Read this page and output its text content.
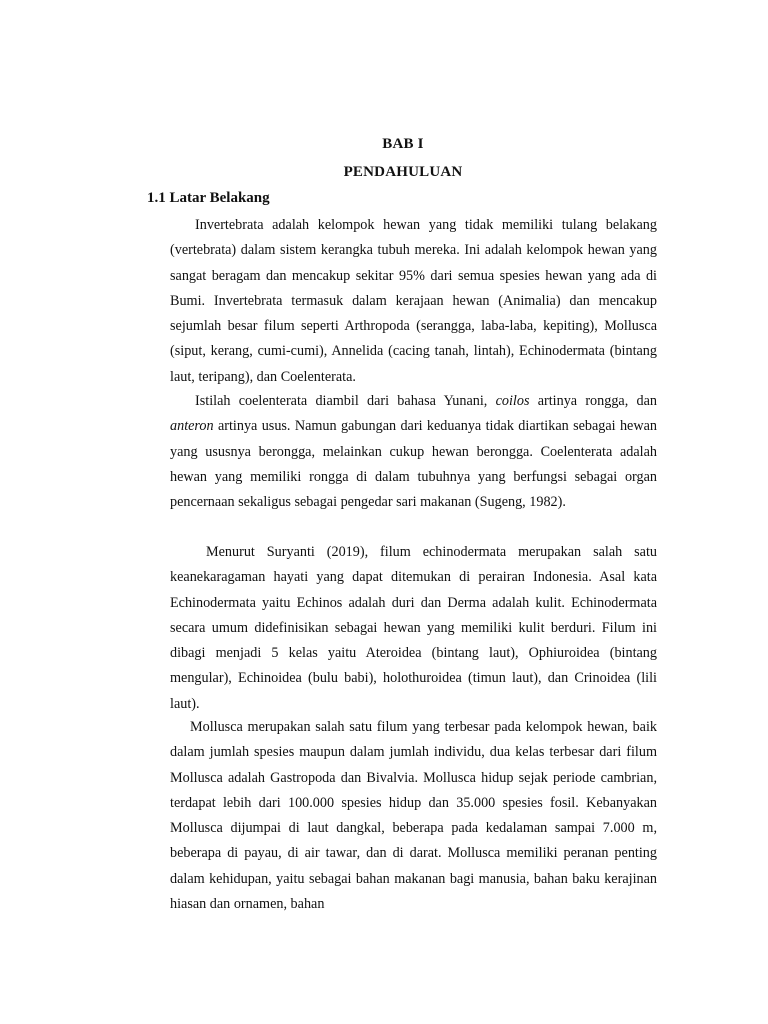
BAB I
PENDAHULUAN
1.1 Latar Belakang

Invertebrata adalah kelompok hewan yang tidak memiliki tulang belakang (vertebrata) dalam sistem kerangka tubuh mereka. Ini adalah kelompok hewan yang sangat beragam dan mencakup sekitar 95% dari semua spesies hewan yang ada di Bumi. Invertebrata termasuk dalam kerajaan hewan (Animalia) dan mencakup sejumlah besar filum seperti Arthropoda (serangga, laba-laba, kepiting), Mollusca (siput, kerang, cumi-cumi), Annelida (cacing tanah, lintah), Echinodermata (bintang laut, teripang), dan Coelenterata.

Istilah coelenterata diambil dari bahasa Yunani, coilos artinya rongga, dan anteron artinya usus. Namun gabungan dari keduanya tidak diartikan sebagai hewan yang ususnya berongga, melainkan cukup hewan berongga. Coelenterata adalah hewan yang memiliki rongga di dalam tubuhnya yang berfungsi sebagai organ pencernaan sekaligus sebagai pengedar sari makanan (Sugeng, 1982).

Menurut Suryanti (2019), filum echinodermata merupakan salah satu keanekaragaman hayati yang dapat ditemukan di perairan Indonesia. Asal kata Echinodermata yaitu Echinos adalah duri dan Derma adalah kulit. Echinodermata secara umum didefinisikan sebagai hewan yang memiliki kulit berduri. Filum ini dibagi menjadi 5 kelas yaitu Ateroidea (bintang laut), Ophiuroidea (bintang mengular), Echinoidea (bulu babi), holothuroidea (timun laut), dan Crinoidea (lili laut).

Mollusca merupakan salah satu filum yang terbesar pada kelompok hewan, baik dalam jumlah spesies maupun dalam jumlah individu, dua kelas terbesar dari filum Mollusca adalah Gastropoda dan Bivalvia. Mollusca hidup sejak periode cambrian, terdapat lebih dari 100.000 spesies hidup dan 35.000 spesies fosil. Kebanyakan Mollusca dijumpai di laut dangkal, beberapa pada kedalaman sampai 7.000 m, beberapa di payau, di air tawar, dan di darat. Mollusca memiliki peranan penting dalam kehidupan, yaitu sebagai bahan makanan bagi manusia, bahan baku kerajinan hiasan dan ornamen, bahan
